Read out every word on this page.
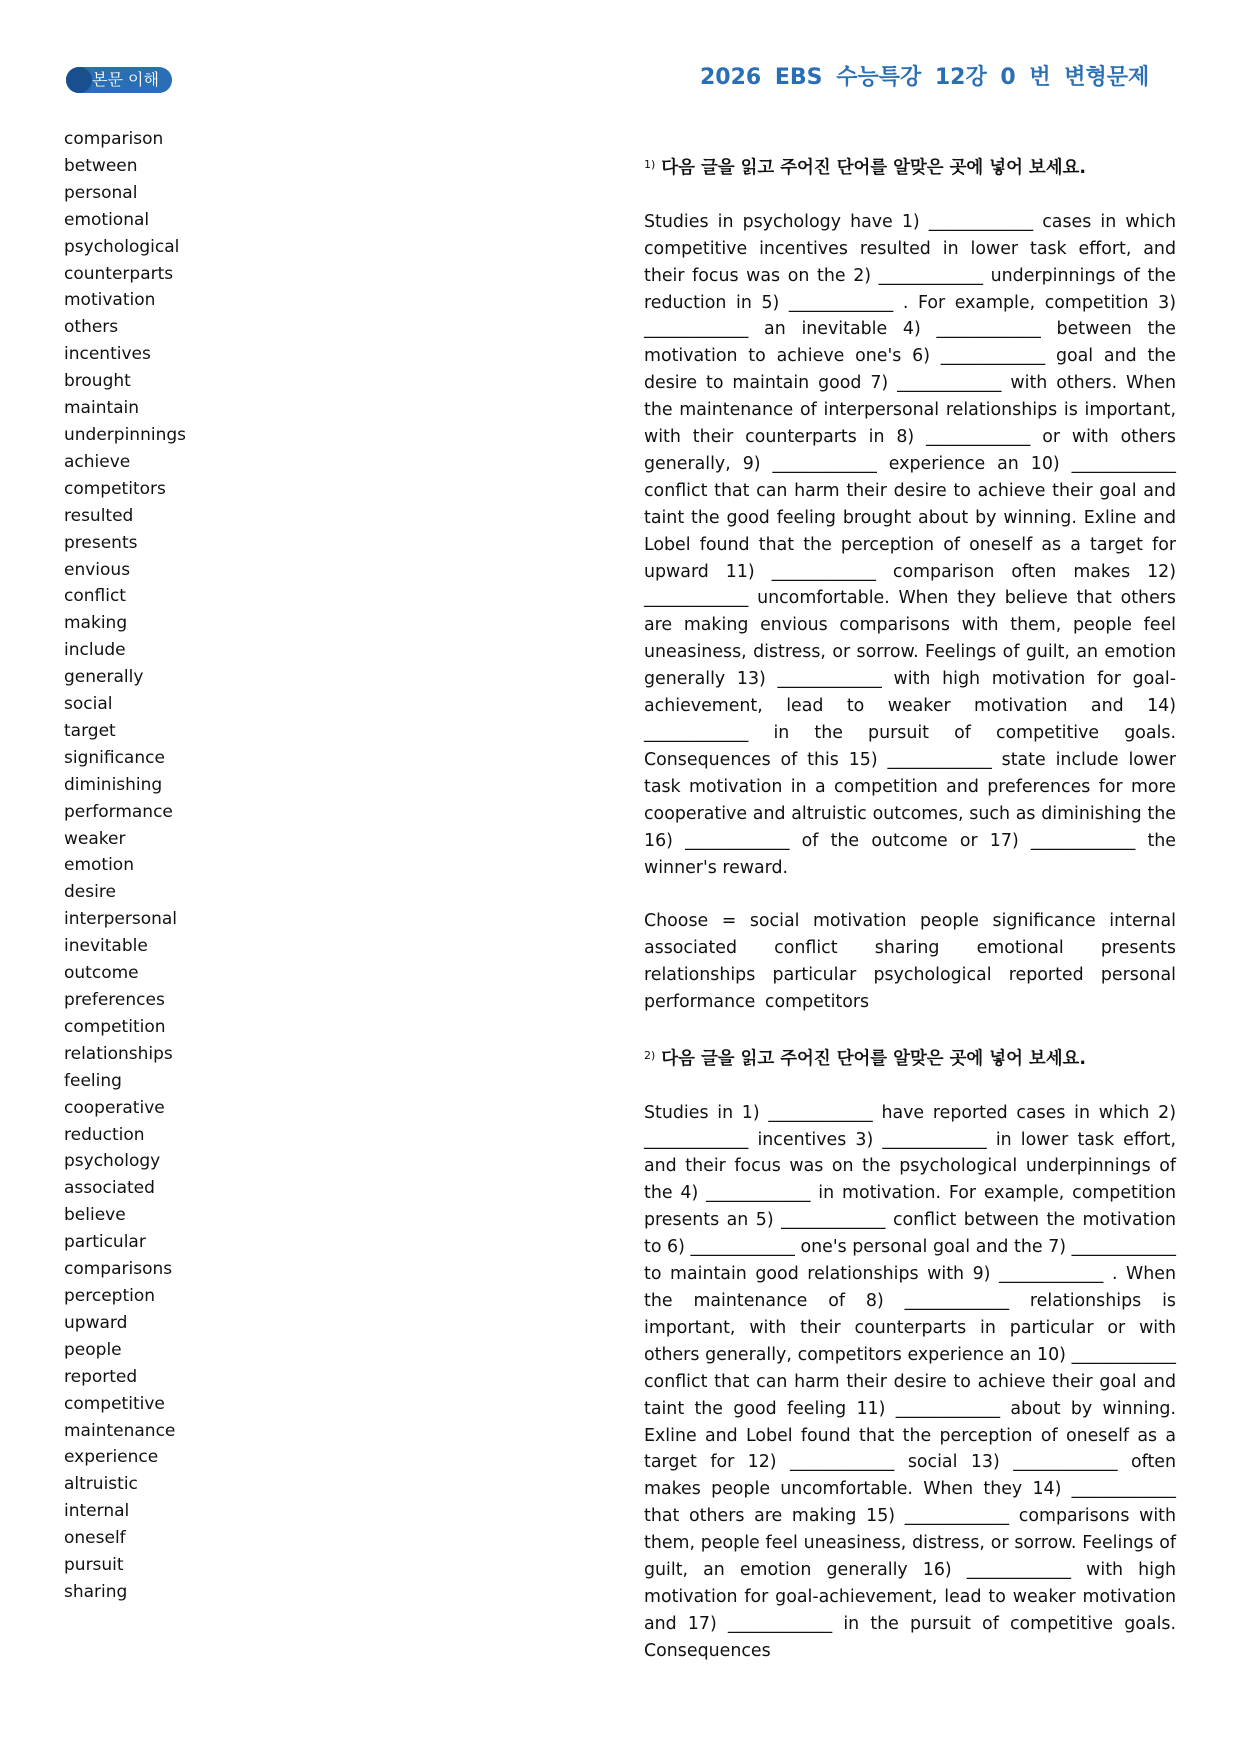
본문 이해	2026 EBS 수능특강 12강 0 번 변형문제
comparison
between
personal
emotional
psychological
counterparts
motivation
others
incentives
brought
maintain
underpinnings
achieve
competitors
resulted
presents
envious
conflict
making
include
generally
social
target
significance
diminishing
performance
weaker
emotion
desire
interpersonal
inevitable
outcome
preferences
competition
relationships
feeling
cooperative
reduction
psychology
associated
believe
particular
comparisons
perception
upward
people
reported
competitive
maintenance
experience
altruistic
internal
oneself
pursuit
sharing

$^{1)}$ 다음 글을 읽고 주어진 단어를 알맞은 곳에 넣어 보세요.

Studies in psychology have 1) ____________ cases in which competitive incentives resulted in lower task effort, and their focus was on the 2) ____________ underpinnings of the reduction in 5) ____________ . For example, competition 3) ____________ an inevitable 4) ____________ between the motivation to achieve one's 6) ____________ goal and the desire to maintain good 7) ____________ with others. When the maintenance of interpersonal relationships is important, with their counterparts in 8) ____________ or with others generally, 9) ____________ experience an 10) ____________ conflict that can harm their desire to achieve their goal and taint the good feeling brought about by winning. Exline and Lobel found that the perception of oneself as a target for upward 11) ____________ comparison often makes 12) ____________ uncomfortable. When they believe that others are making envious comparisons with them, people feel uneasiness, distress, or sorrow. Feelings of guilt, an emotion generally 13) ____________ with high motivation for goal-achievement, lead to weaker motivation and 14) ____________ in the pursuit of competitive goals. Consequences of this 15) ____________ state include lower task motivation in a competition and preferences for more cooperative and altruistic outcomes, such as diminishing the 16) ____________ of the outcome or 17) ____________ the winner's reward.

Choose = social motivation people significance internal associated conflict sharing emotional presents relationships particular psychological reported personal performance competitors

$^{2)}$ 다음 글을 읽고 주어진 단어를 알맞은 곳에 넣어 보세요.

Studies in 1) ____________ have reported cases in which 2) ____________ incentives 3) ____________ in lower task effort, and their focus was on the psychological underpinnings of the 4) ____________ in motivation. For example, competition presents an 5) ____________ conflict between the motivation to 6) ____________ one's personal goal and the 7) ____________ to maintain good relationships with 9) ____________ . When the maintenance of 8) ____________ relationships is important, with their counterparts in particular or with others generally, competitors experience an 10) ____________ conflict that can harm their desire to achieve their goal and taint the good feeling 11) ____________ about by winning. Exline and Lobel found that the perception of oneself as a target for 12) ____________ social 13) ____________ often makes people uncomfortable. When they 14) ____________ that others are making 15) ____________ comparisons with them, people feel uneasiness, distress, or sorrow. Feelings of guilt, an emotion generally 16) ____________ with high motivation for goal-achievement, lead to weaker motivation and 17) ____________ in the pursuit of competitive goals. Consequences
